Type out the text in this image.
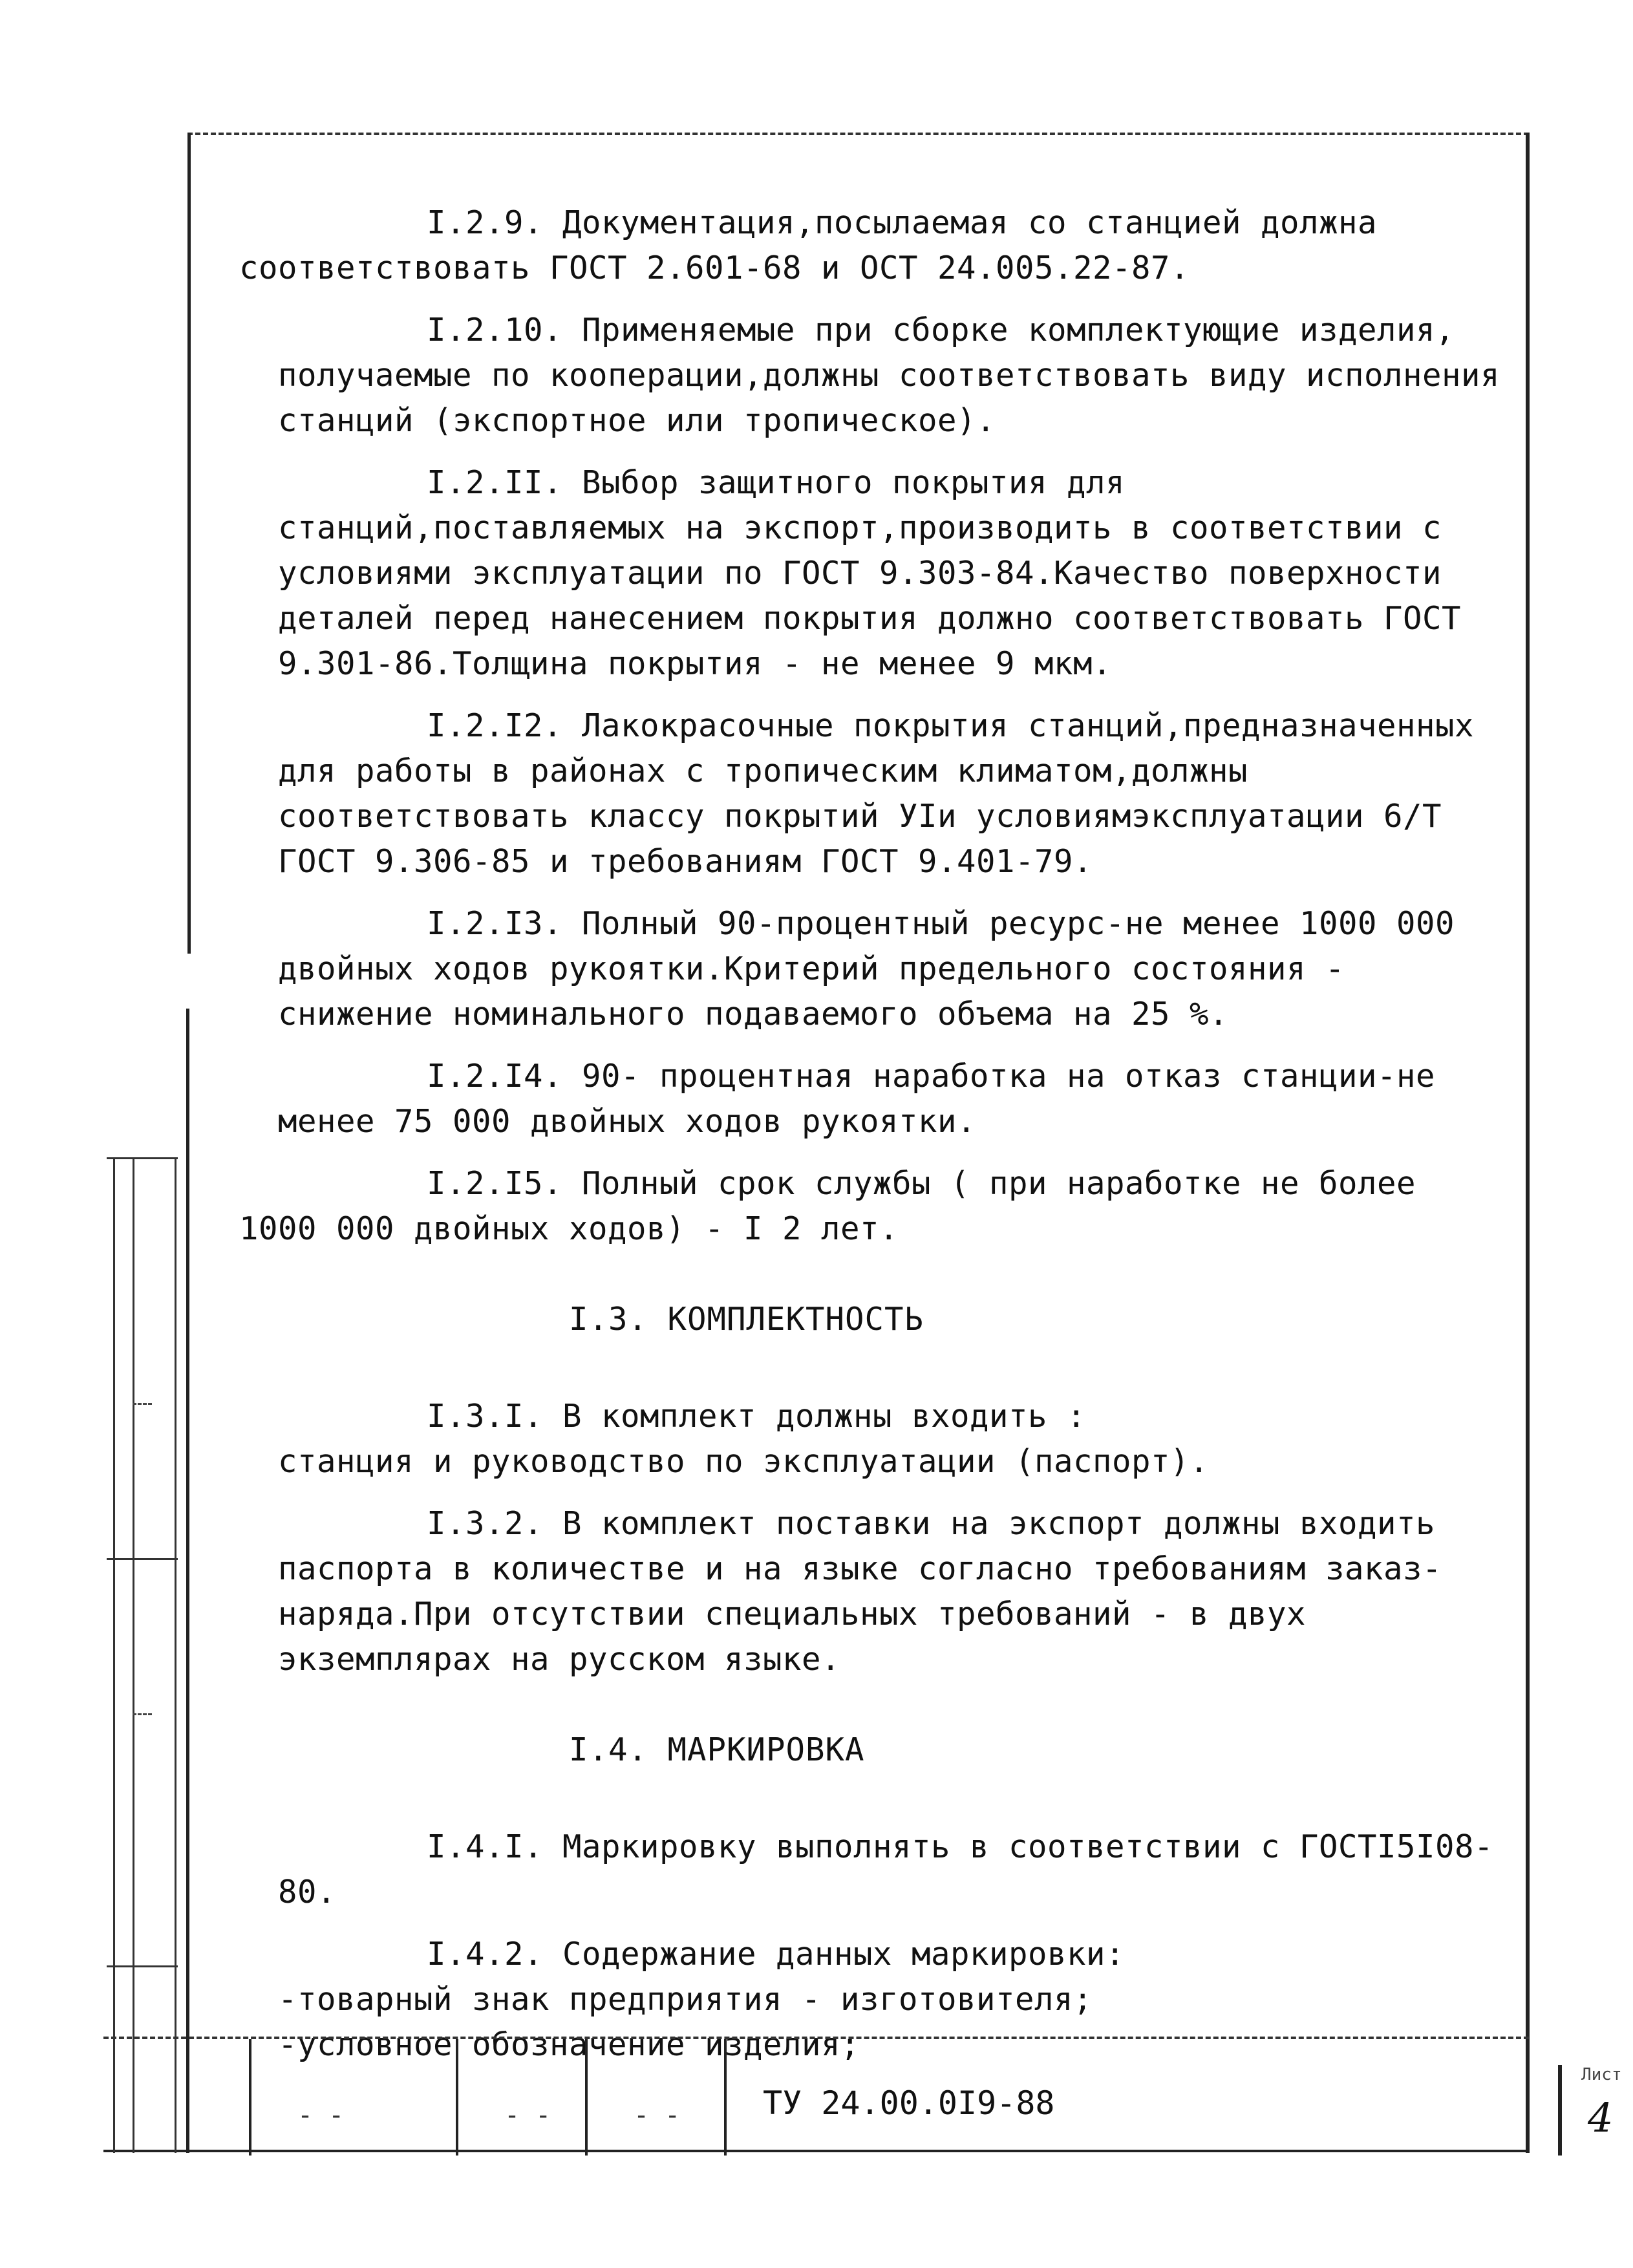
I.2.9. Документация,посылаемая со станцией должна соответствовать ГОСТ 2.601-68 и ОСТ 24.005.22-87.

I.2.10. Применяемые при сборке комплектующие изделия, получаемые по кооперации,должны соответствовать виду исполнения станций (экспортное или тропическое).

I.2.II. Выбор защитного покрытия для станций,поставляемых на экспорт,производить в соответствии с условиями эксплуатации по ГОСТ 9.303-84.Качество поверхности деталей перед нанесением покрытия должно соответствовать ГОСТ 9.301-86.Толщина покрытия - не менее 9 мкм.

I.2.I2. Лакокрасочные покрытия станций,предназначенных для работы в районах с тропическим климатом,должны соответствовать классу покрытий УIи условиямэксплуатации 6/Т ГОСТ 9.306-85 и требованиям ГОСТ 9.401-79.

I.2.I3. Полный 90-процентный ресурс-не менее 1000 000 двойных ходов рукоятки.Критерий предельного состояния - снижение номинального подаваемого объема на 25 %.

I.2.I4. 90- процентная наработка на отказ станции-не менее 75 000 двойных ходов рукоятки.

I.2.I5. Полный срок службы ( при наработке не более 1000 000 двойных ходов) - I 2 лет.

I.3. КОМПЛЕКТНОСТЬ

I.3.I. В комплект должны входить :

станция и руководство по эксплуатации (паспорт).

I.3.2. В комплект поставки на экспорт должны входить паспорта в количестве и на языке согласно требованиям заказ-наряда.При отсутствии специальных требований - в двух экземплярах на русском языке.

I.4. МАРКИРОВКА

I.4.I. Маркировку выполнять в соответствии с ГОСТI5I08-80.

I.4.2. Содержание данных маркировки:

-товарный знак предприятия - изготовителя;

-условное обозначение изделия;

- -	- -	- -	ТУ 24.00.0I9-88
Лист
4
